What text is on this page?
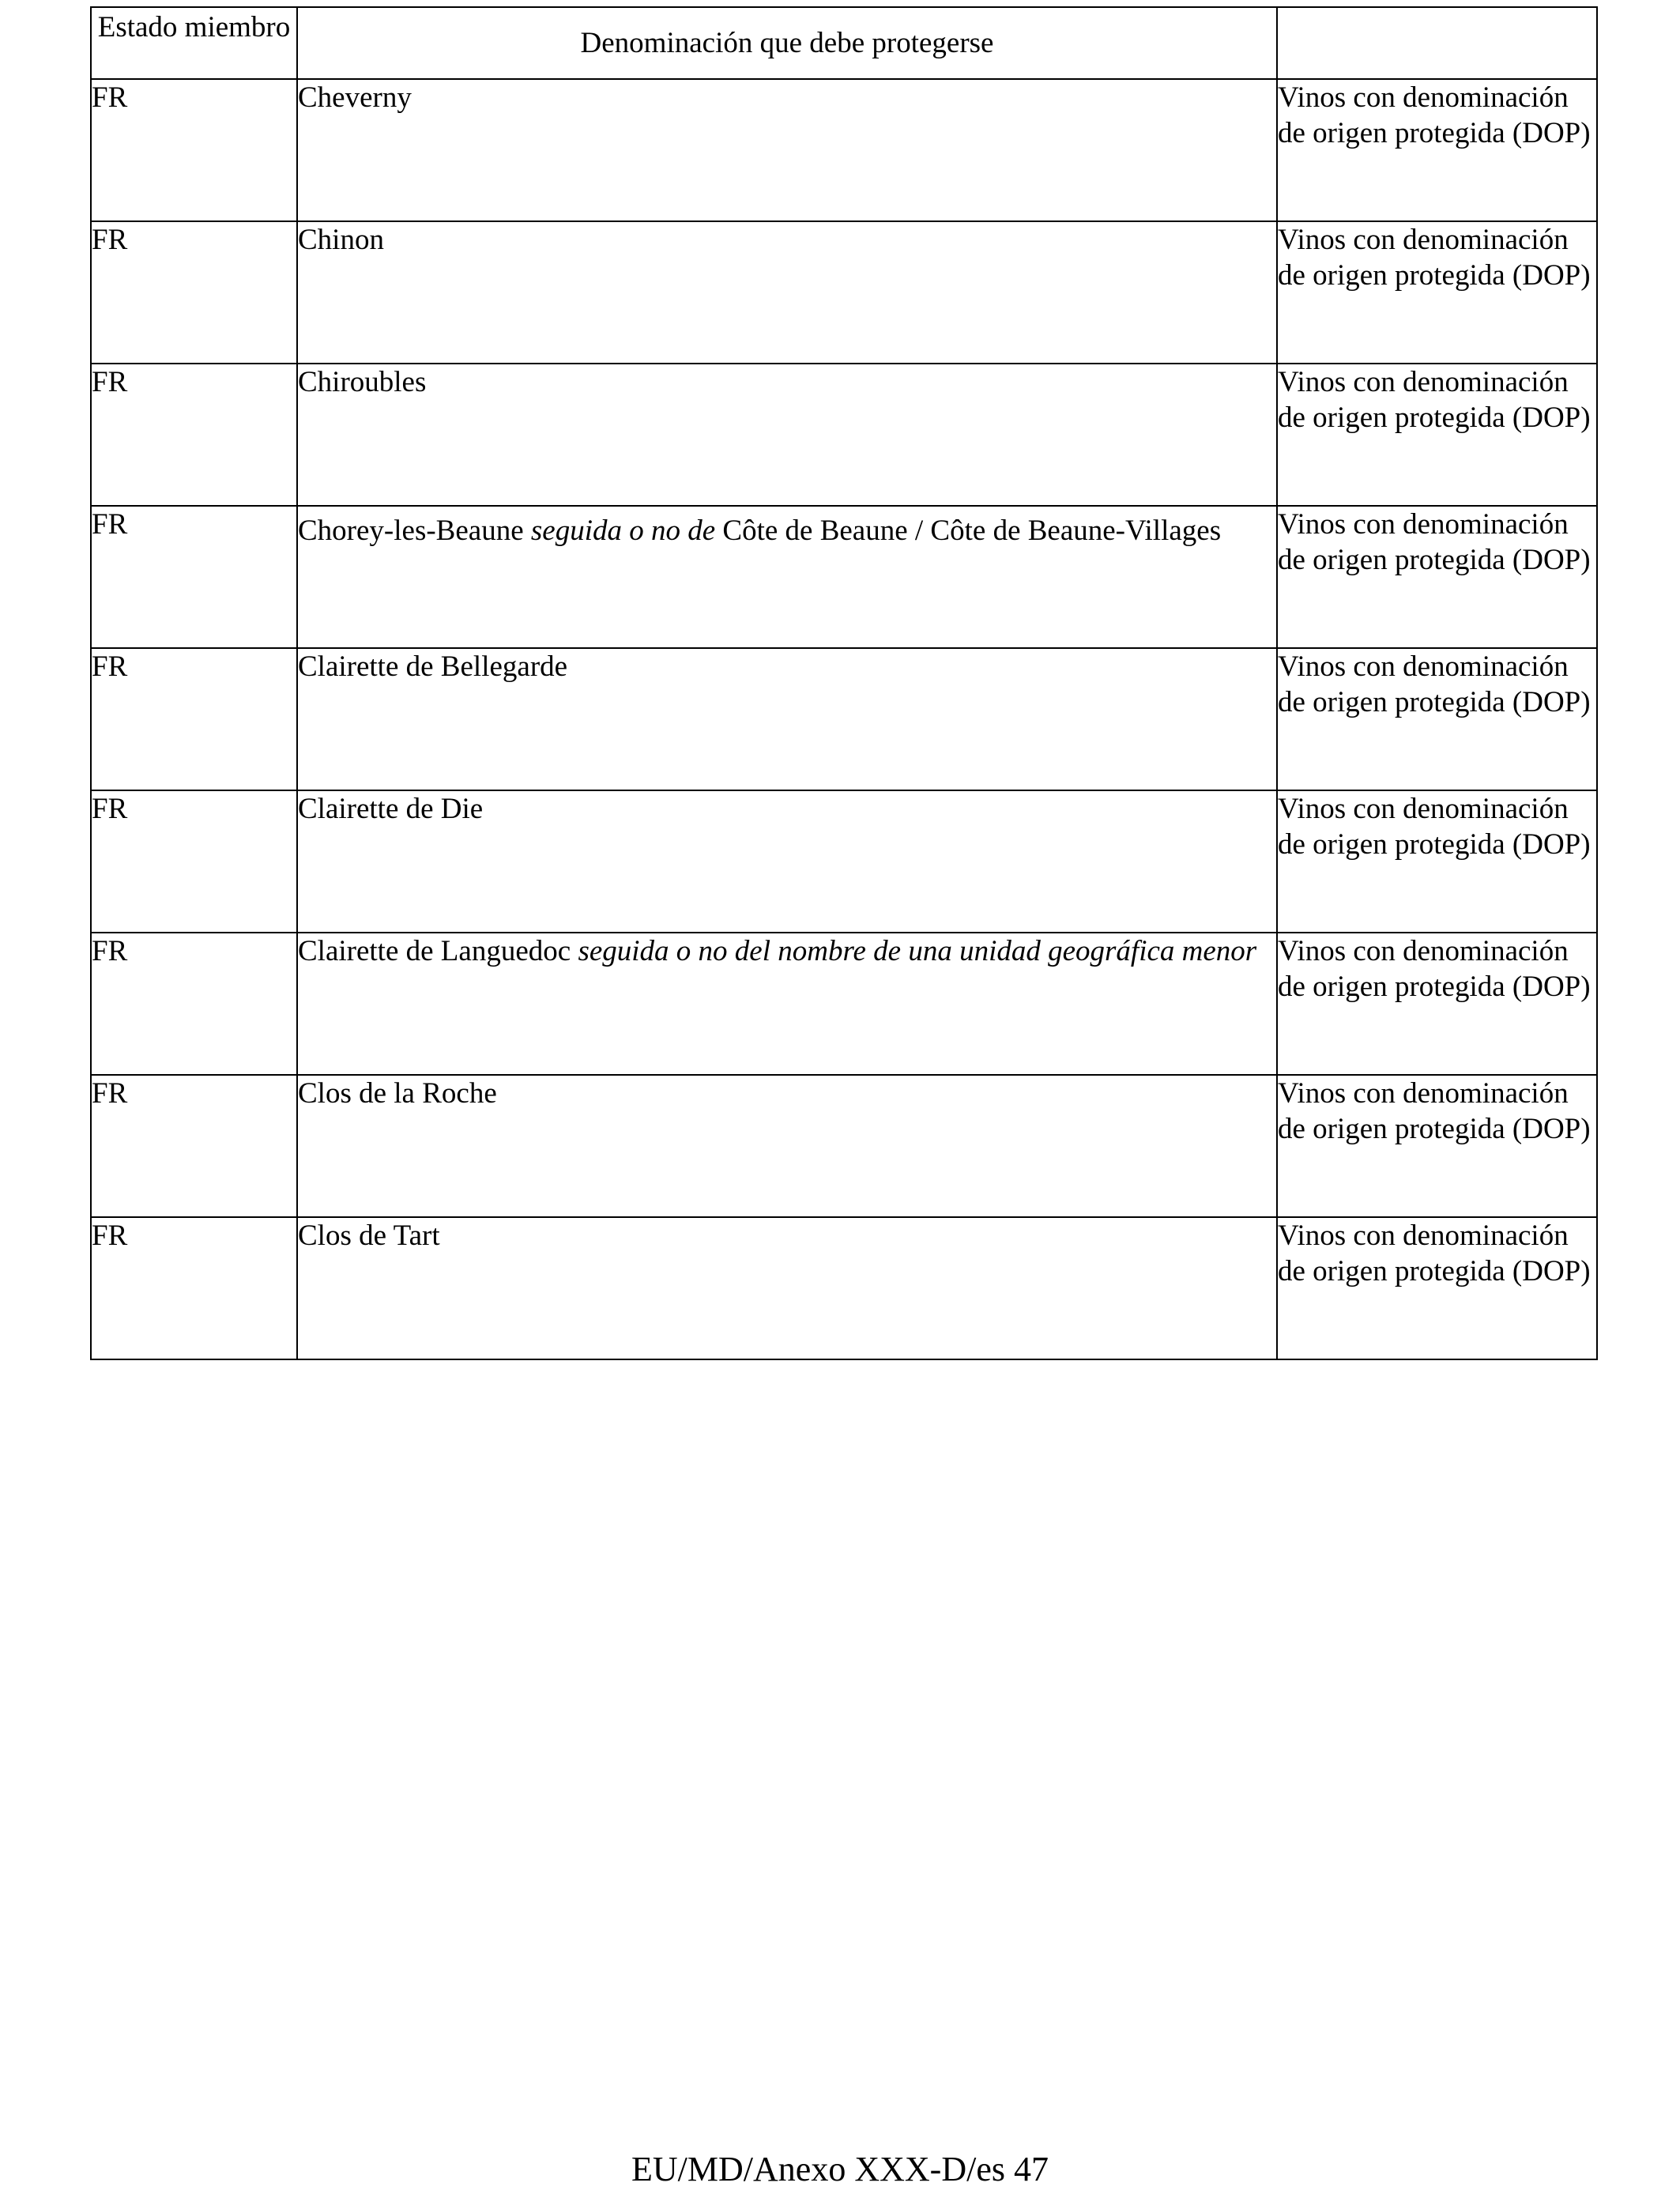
Estado miembro	Denominación que debe protegerse	
FR	Cheverny	Vinos con denominación de origen protegida (DOP)
FR	Chinon	Vinos con denominación de origen protegida (DOP)
FR	Chiroubles	Vinos con denominación de origen protegida (DOP)
FR	Chorey-les-Beaune seguida o no de Côte de Beaune / Côte de Beaune-Villages	Vinos con denominación de origen protegida (DOP)
FR	Clairette de Bellegarde	Vinos con denominación de origen protegida (DOP)
FR	Clairette de Die	Vinos con denominación de origen protegida (DOP)
FR	Clairette de Languedoc seguida o no del nombre de una unidad geográfica menor	Vinos con denominación de origen protegida (DOP)
FR	Clos de la Roche	Vinos con denominación de origen protegida (DOP)
FR	Clos de Tart	Vinos con denominación de origen protegida (DOP)
EU/MD/Anexo XXX-D/es 47
